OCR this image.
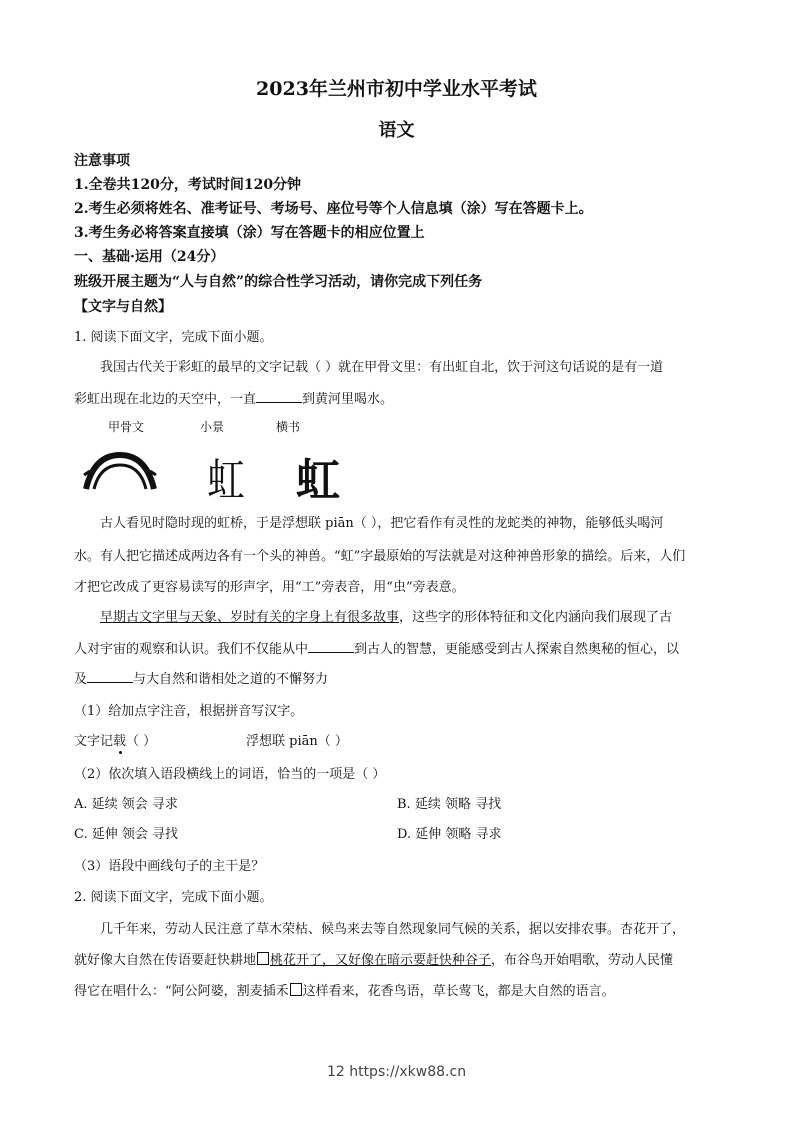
2023年兰州市初中学业水平考试
语文
注意事项
1.全卷共120分，考试时间120分钟
2.考生必须将姓名、准考证号、考场号、座位号等个人信息填（涂）写在答题卡上。
3.考生务必将答案直接填（涂）写在答题卡的相应位置上
一、基础·运用（24分）
班级开展主题为“人与自然”的综合性学习活动，请你完成下列任务
【文字与自然】
1. 阅读下面文字，完成下面小题。
我国古代关于彩虹的最早的文字记载（ ）就在甲骨文里：有出虹自北，饮于河这句话说的是有一道
彩虹出现在北边的天空中，一直	到黄河里喝水。
甲骨文	小景	横书
虹 虹
古人看见时隐时现的虹桥，于是浮想联 piān（ ），把它看作有灵性的龙蛇类的神物，能够低头喝河
水。有人把它描述成两边各有一个头的神兽。“虹”字最原始的写法就是对这种神兽形象的描绘。后来，人们
才把它改成了更容易读写的形声字，用“工”旁表音，用“虫”旁表意。
早期古文字里与天象、岁时有关的字身上有很多故事，这些字的形体特征和文化内涵向我们展现了古
人对宇宙的观察和认识。我们不仅能从中	到古人的智慧，更能感受到古人探索自然奥秘的恒心，以
及	与大自然和谐相处之道的不懈努力
（1）给加点字注音，根据拼音写汉字。
文字记载（ ）	浮想联 piān（ ）
（2）依次填入语段横线上的词语，恰当的一项是（ ）
A. 延续 领会 寻求	B. 延续 领略 寻找
C. 延伸 领会 寻找	D. 延伸 领略 寻求
（3）语段中画线句子的主干是？
2. 阅读下面文字，完成下面小题。
几千年来，劳动人民注意了草木荣枯、候鸟来去等自然现象同气候的关系，据以安排农事。杏花开了，
就好像大自然在传语要赶快耕地 桃花开了，又好像在暗示要赶快种谷子，布谷鸟开始唱歌，劳动人民懂
得它在唱什么：“阿公阿婆，割麦插禾 这样看来，花香鸟语，草长莺飞，都是大自然的语言。
12 https://xkw88.cn
